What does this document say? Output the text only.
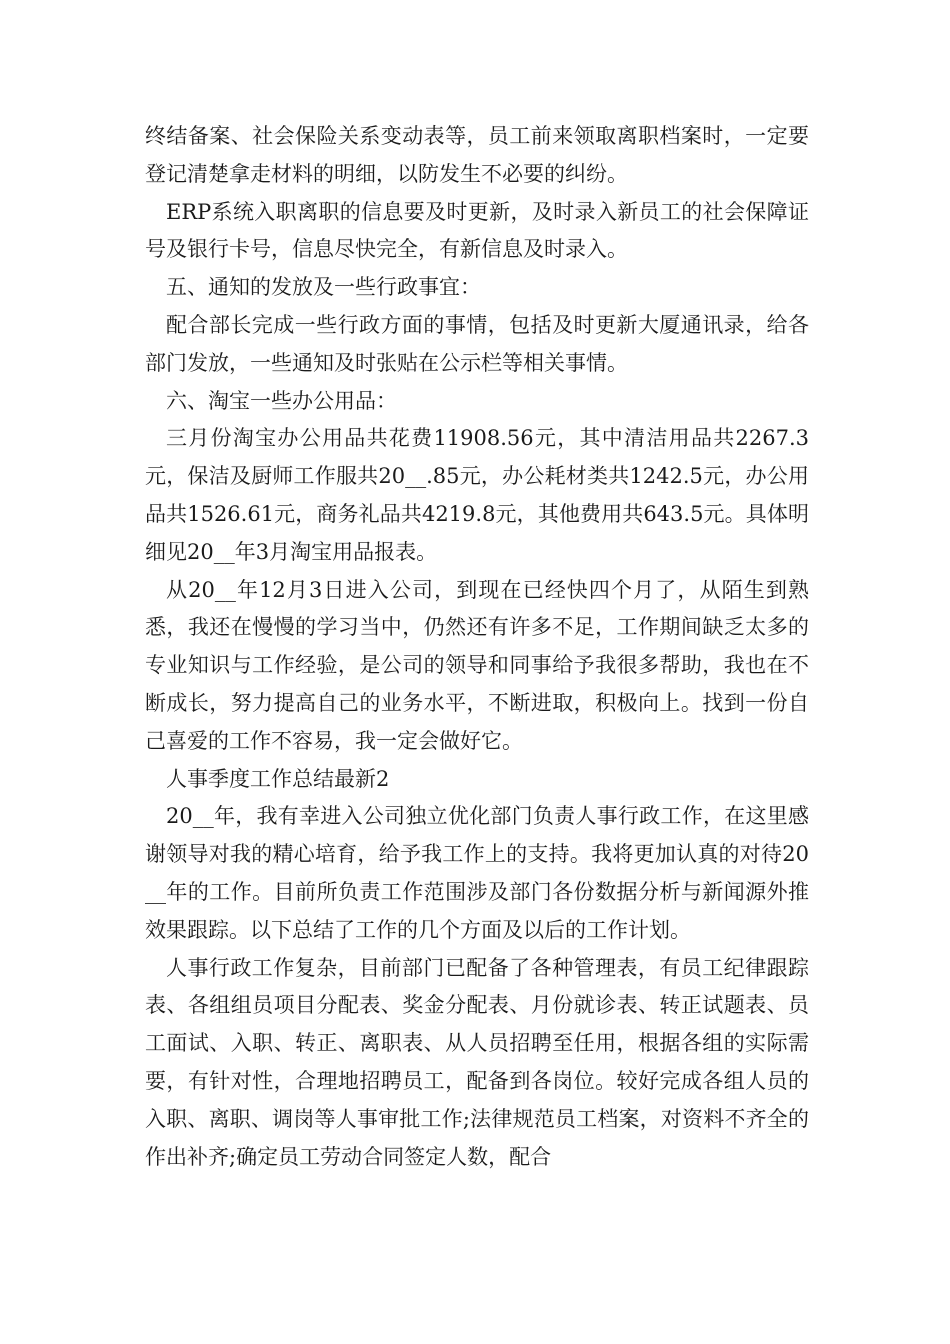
终结备案、社会保险关系变动表等，员工前来领取离职档案时，一定要登记清楚拿走材料的明细，以防发生不必要的纠纷。

ERP系统入职离职的信息要及时更新，及时录入新员工的社会保障证号及银行卡号，信息尽快完全，有新信息及时录入。

五、通知的发放及一些行政事宜：

配合部长完成一些行政方面的事情，包括及时更新大厦通讯录，给各部门发放，一些通知及时张贴在公示栏等相关事情。

六、淘宝一些办公用品：

三月份淘宝办公用品共花费11908.56元，其中清洁用品共2267.3元，保洁及厨师工作服共20__.85元，办公耗材类共1242.5元，办公用品共1526.61元，商务礼品共4219.8元，其他费用共643.5元。具体明细见20__年3月淘宝用品报表。

从20__年12月3日进入公司，到现在已经快四个月了，从陌生到熟悉，我还在慢慢的学习当中，仍然还有许多不足，工作期间缺乏太多的专业知识与工作经验，是公司的领导和同事给予我很多帮助，我也在不断成长，努力提高自己的业务水平，不断进取，积极向上。找到一份自己喜爱的工作不容易，我一定会做好它。

人事季度工作总结最新2

20__年，我有幸进入公司独立优化部门负责人事行政工作，在这里感谢领导对我的精心培育，给予我工作上的支持。我将更加认真的对待20__年的工作。目前所负责工作范围涉及部门各份数据分析与新闻源外推效果跟踪。以下总结了工作的几个方面及以后的工作计划。

人事行政工作复杂，目前部门已配备了各种管理表，有员工纪律跟踪表、各组组员项目分配表、奖金分配表、月份就诊表、转正试题表、员工面试、入职、转正、离职表、从人员招聘至任用，根据各组的实际需要，有针对性，合理地招聘员工，配备到各岗位。较好完成各组人员的入职、离职、调岗等人事审批工作;法律规范员工档案，对资料不齐全的作出补齐;确定员工劳动合同签定人数，配合
